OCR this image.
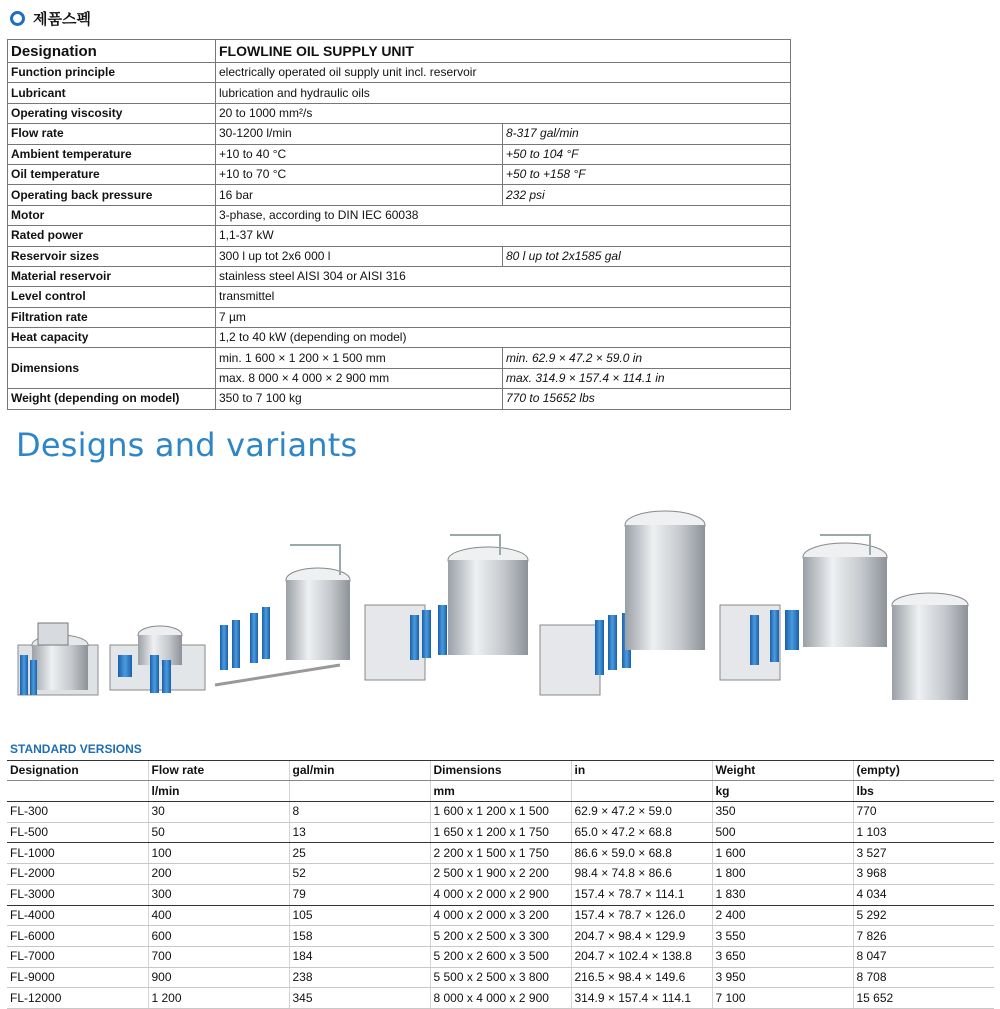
제품스펙
Designation	FLOWLINE OIL SUPPLY UNIT	
Function principle	electrically operated oil supply unit incl. reservoir	
Lubricant	lubrication and hydraulic oils	
Operating viscosity	20 to 1000 mm²/s	
Flow rate	30-1200 l/min	8-317 gal/min
Ambient temperature	+10 to 40 °C	+50 to 104 °F
Oil temperature	+10 to 70 °C	+50 to +158 °F
Operating back pressure	16 bar	232 psi
Motor	3-phase, according to DIN IEC 60038	
Rated power	1,1-37 kW	
Reservoir sizes	300 l up tot 2x6 000 l	80 l up tot 2x1585 gal
Material reservoir	stainless steel AISI 304 or AISI 316	
Level control	transmittel	
Filtration rate	7 µm	
Heat capacity	1,2 to 40 kW (depending on model)	
Dimensions	min. 1 600 × 1 200 × 1 500 mm	min. 62.9 × 47.2 × 59.0 in
	max. 8 000 × 4 000 × 2 900 mm	max. 314.9 × 157.4 × 114.1 in
Weight (depending on model)	350 to 7 100 kg	770 to 15652 lbs
Designs and variants
STANDARD VERSIONS						
Designation	Flow rate	gal/min	Dimensions	in	Weight	(empty)
	l/min		mm		kg	lbs
FL-300	30	8	1 600 x 1 200 x 1 500	62.9 × 47.2 × 59.0	350	770
FL-500	50	13	1 650 x 1 200 x 1 750	65.0 × 47.2 × 68.8	500	1 103
FL-1000	100	25	2 200 x 1 500 x 1 750	86.6 × 59.0 × 68.8	1 600	3 527
FL-2000	200	52	2 500 x 1 900 x 2 200	98.4 × 74.8 × 86.6	1 800	3 968
FL-3000	300	79	4 000 x 2 000 x 2 900	157.4 × 78.7 × 114.1	1 830	4 034
FL-4000	400	105	4 000 x 2 000 x 3 200	157.4 × 78.7 × 126.0	2 400	5 292
FL-6000	600	158	5 200 x 2 500 x 3 300	204.7 × 98.4 × 129.9	3 550	7 826
FL-7000	700	184	5 200 x 2 600 x 3 500	204.7 × 102.4 × 138.8	3 650	8 047
FL-9000	900	238	5 500 x 2 500 x 3 800	216.5 × 98.4 × 149.6	3 950	8 708
FL-12000	1 200	345	8 000 x 4 000 x 2 900	314.9 × 157.4 × 114.1	7 100	15 652
